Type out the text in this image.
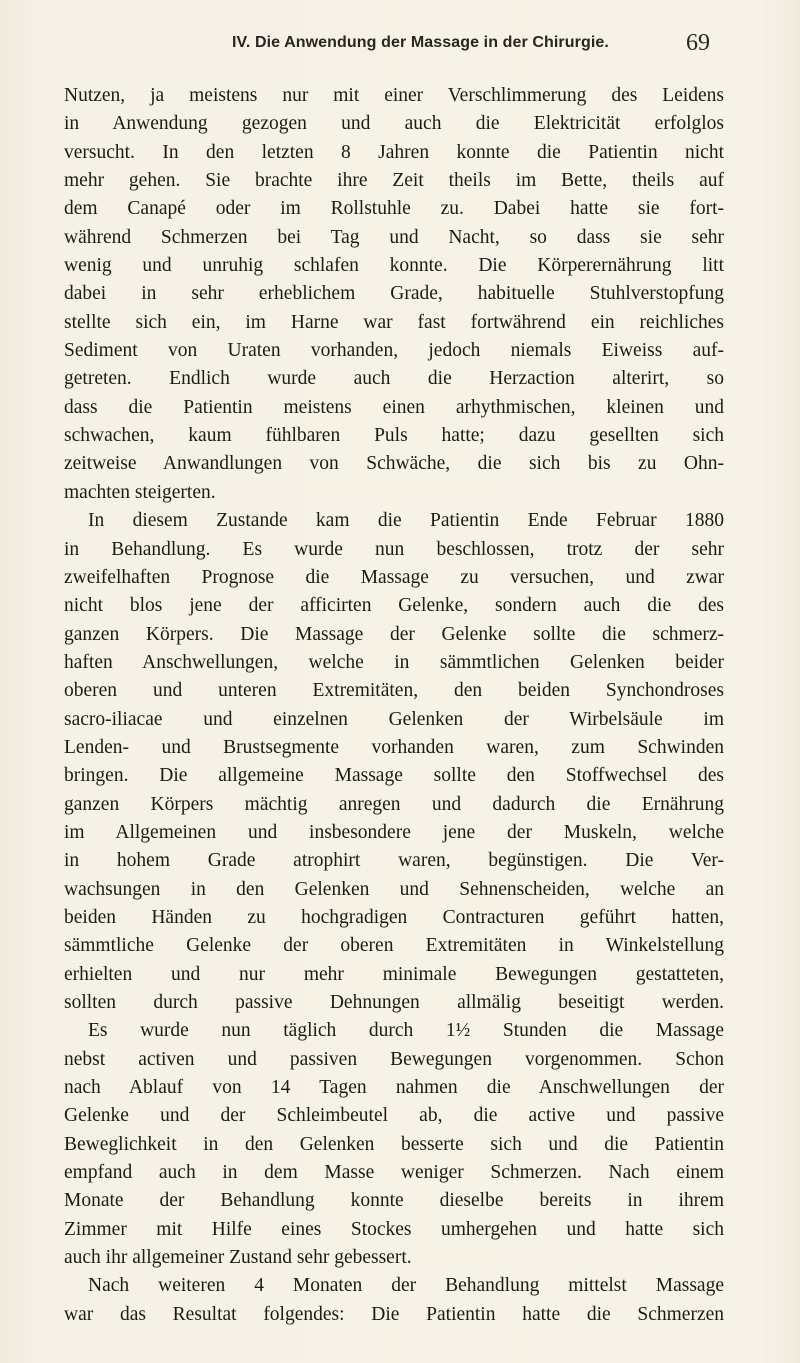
IV. Die Anwendung der Massage in der Chirurgie.	69
Nutzen, ja meistens nur mit einer Verschlimmerung des Leidens
in Anwendung gezogen und auch die Elektricität erfolglos
versucht. In den letzten 8 Jahren konnte die Patientin nicht
mehr gehen. Sie brachte ihre Zeit theils im Bette, theils auf
dem Canapé oder im Rollstuhle zu. Dabei hatte sie fort-
während Schmerzen bei Tag und Nacht, so dass sie sehr
wenig und unruhig schlafen konnte. Die Körperernährung litt
dabei in sehr erheblichem Grade, habituelle Stuhlverstopfung
stellte sich ein, im Harne war fast fortwährend ein reichliches
Sediment von Uraten vorhanden, jedoch niemals Eiweiss auf-
getreten. Endlich wurde auch die Herzaction alterirt, so
dass die Patientin meistens einen arhythmischen, kleinen und
schwachen, kaum fühlbaren Puls hatte; dazu gesellten sich
zeitweise Anwandlungen von Schwäche, die sich bis zu Ohn-
machten steigerten.
In diesem Zustande kam die Patientin Ende Februar 1880
in Behandlung. Es wurde nun beschlossen, trotz der sehr
zweifelhaften Prognose die Massage zu versuchen, und zwar
nicht blos jene der afficirten Gelenke, sondern auch die des
ganzen Körpers. Die Massage der Gelenke sollte die schmerz-
haften Anschwellungen, welche in sämmtlichen Gelenken beider
oberen und unteren Extremitäten, den beiden Synchondroses
sacro-iliacae und einzelnen Gelenken der Wirbelsäule im
Lenden- und Brustsegmente vorhanden waren, zum Schwinden
bringen. Die allgemeine Massage sollte den Stoffwechsel des
ganzen Körpers mächtig anregen und dadurch die Ernährung
im Allgemeinen und insbesondere jene der Muskeln, welche
in hohem Grade atrophirt waren, begünstigen. Die Ver-
wachsungen in den Gelenken und Sehnenscheiden, welche an
beiden Händen zu hochgradigen Contracturen geführt hatten,
sämmtliche Gelenke der oberen Extremitäten in Winkelstellung
erhielten und nur mehr minimale Bewegungen gestatteten,
sollten durch passive Dehnungen allmälig beseitigt werden.
Es wurde nun täglich durch 1½ Stunden die Massage
nebst activen und passiven Bewegungen vorgenommen. Schon
nach Ablauf von 14 Tagen nahmen die Anschwellungen der
Gelenke und der Schleimbeutel ab, die active und passive
Beweglichkeit in den Gelenken besserte sich und die Patientin
empfand auch in dem Masse weniger Schmerzen. Nach einem
Monate der Behandlung konnte dieselbe bereits in ihrem
Zimmer mit Hilfe eines Stockes umhergehen und hatte sich
auch ihr allgemeiner Zustand sehr gebessert.
Nach weiteren 4 Monaten der Behandlung mittelst Massage
war das Resultat folgendes: Die Patientin hatte die Schmerzen
